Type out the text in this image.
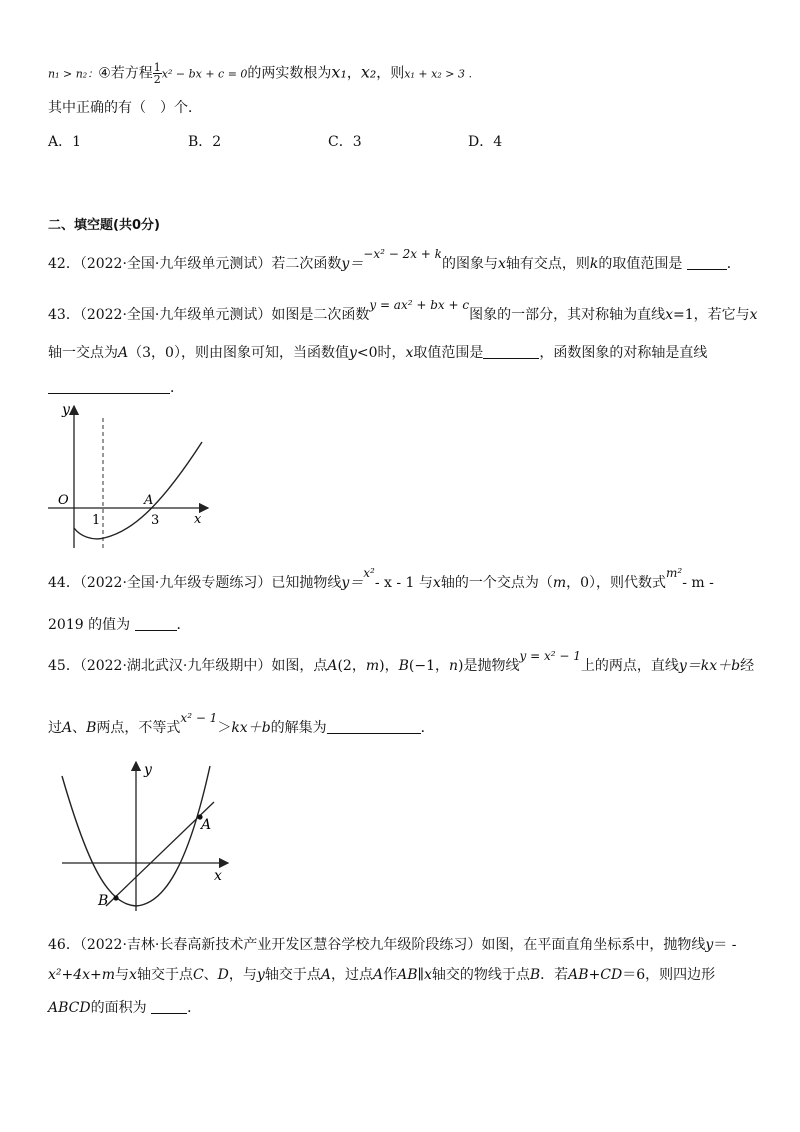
n₁ > n₂：④若方程 $\frac{1}{2} x^2$ − bx + c = 0的两实数根为x₁，x₂，则x₁ + x₂ > 3 .
其中正确的有（　）个．
A．1	B．2	C．3	D．4
二、填空题(共0分)
42．（2022·全国·九年级单元测试）若二次函数y＝−x² − 2x + k的图象与x轴有交点，则k的取值范围是	．
43．（2022·全国·九年级单元测试）如图是二次函数y = ax² + bx + c图象的一部分，其对称轴为直线x=1，若它与x
轴一交点为A（3，0），则由图象可知，当函数值y<0时，x取值范围是	，函数图象的对称轴是直线
．
y
x
O
1	3
A
44．（2022·全国·九年级专题练习）已知抛物线y＝x²- x - 1 与x轴的一个交点为（m，0），则代数式m²- m -
2019 的值为	．
45．（2022·湖北武汉·九年级期中）如图，点A(2，m)，B(−1，n)是抛物线y = x² − 1上的两点，直线y＝kx＋b经
过A、B两点，不等式x² − 1＞kx＋b的解集为	．
y
x
A
B
46．（2022·吉林·长春高新技术产业开发区慧谷学校九年级阶段练习）如图，在平面直角坐标系中，抛物线y＝ -
x²+4x+m与x轴交于点C、D，与y轴交于点A，过点A作AB∥x轴交的物线于点B．若AB+CD＝6，则四边形
ABCD的面积为	．
